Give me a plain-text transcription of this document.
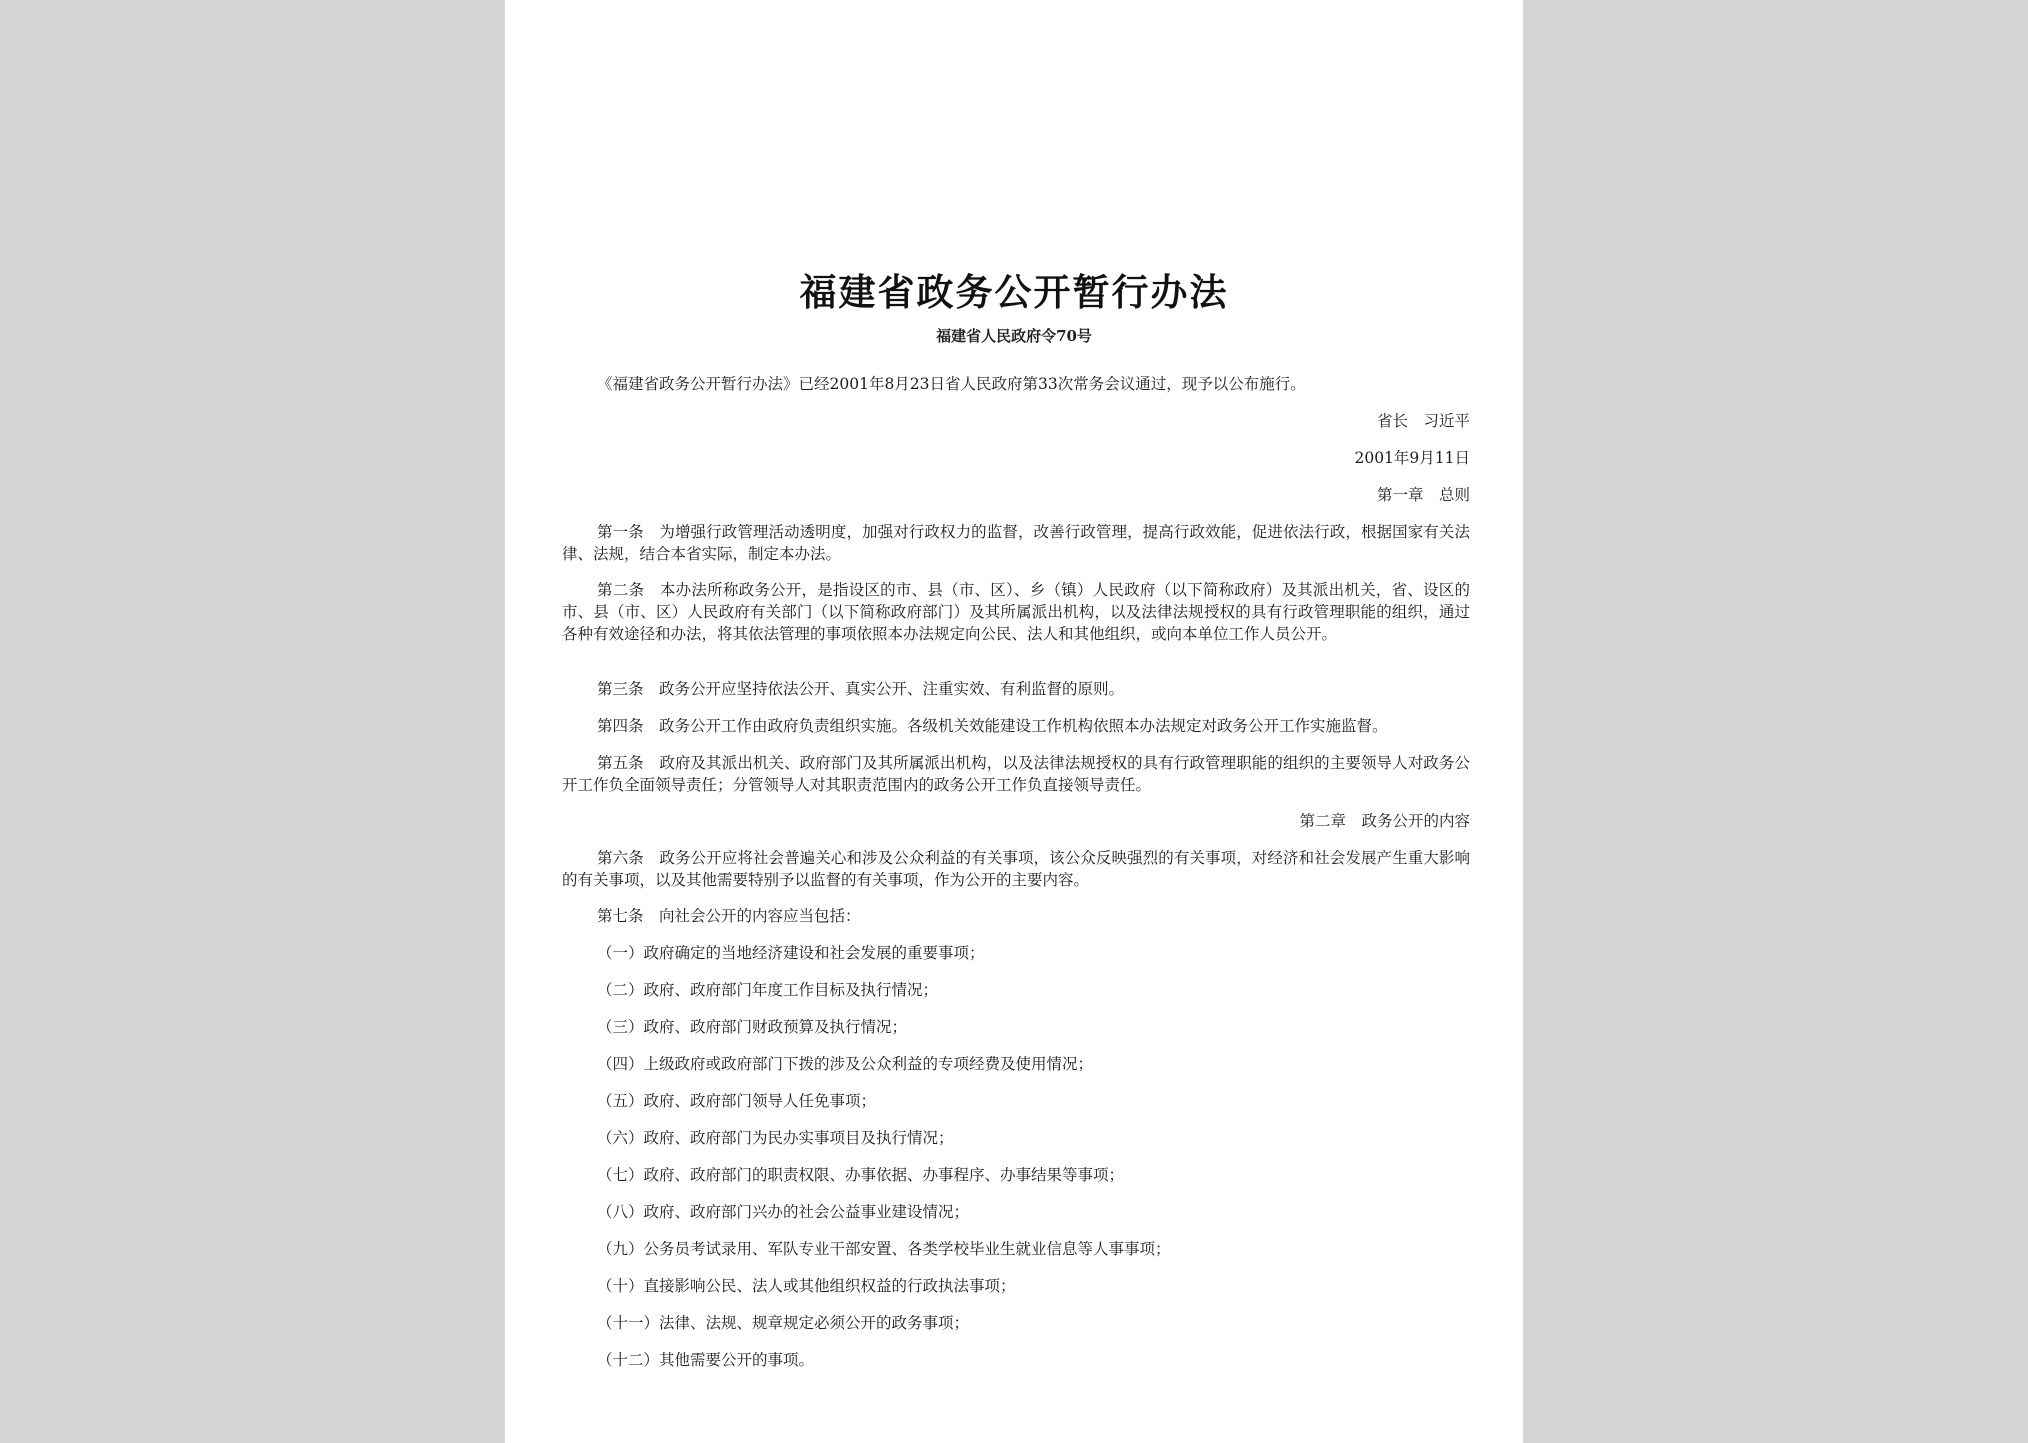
福建省政务公开暂行办法
福建省人民政府令70号
《福建省政务公开暂行办法》已经2001年8月23日省人民政府第33次常务会议通过，现予以公布施行。
省长　习近平
2001年9月11日
第一章　总则
第一条　为增强行政管理活动透明度，加强对行政权力的监督，改善行政管理，提高行政效能，促进依法行政，根据国家有关法律、法规，结合本省实际，制定本办法。
第二条　本办法所称政务公开，是指设区的市、县（市、区）、乡（镇）人民政府（以下简称政府）及其派出机关，省、设区的市、县（市、区）人民政府有关部门（以下简称政府部门）及其所属派出机构，以及法律法规授权的具有行政管理职能的组织，通过各种有效途径和办法，将其依法管理的事项依照本办法规定向公民、法人和其他组织，或向本单位工作人员公开。
第三条　政务公开应坚持依法公开、真实公开、注重实效、有利监督的原则。
第四条　政务公开工作由政府负责组织实施。各级机关效能建设工作机构依照本办法规定对政务公开工作实施监督。
第五条　政府及其派出机关、政府部门及其所属派出机构，以及法律法规授权的具有行政管理职能的组织的主要领导人对政务公开工作负全面领导责任；分管领导人对其职责范围内的政务公开工作负直接领导责任。
第二章　政务公开的内容
第六条　政务公开应将社会普遍关心和涉及公众利益的有关事项，该公众反映强烈的有关事项，对经济和社会发展产生重大影响的有关事项，以及其他需要特别予以监督的有关事项，作为公开的主要内容。
第七条　向社会公开的内容应当包括：
（一）政府确定的当地经济建设和社会发展的重要事项；
（二）政府、政府部门年度工作目标及执行情况；
（三）政府、政府部门财政预算及执行情况；
（四）上级政府或政府部门下拨的涉及公众利益的专项经费及使用情况；
（五）政府、政府部门领导人任免事项；
（六）政府、政府部门为民办实事项目及执行情况；
（七）政府、政府部门的职责权限、办事依据、办事程序、办事结果等事项；
（八）政府、政府部门兴办的社会公益事业建设情况；
（九）公务员考试录用、军队专业干部安置、各类学校毕业生就业信息等人事事项；
（十）直接影响公民、法人或其他组织权益的行政执法事项；
（十一）法律、法规、规章规定必须公开的政务事项；
（十二）其他需要公开的事项。
